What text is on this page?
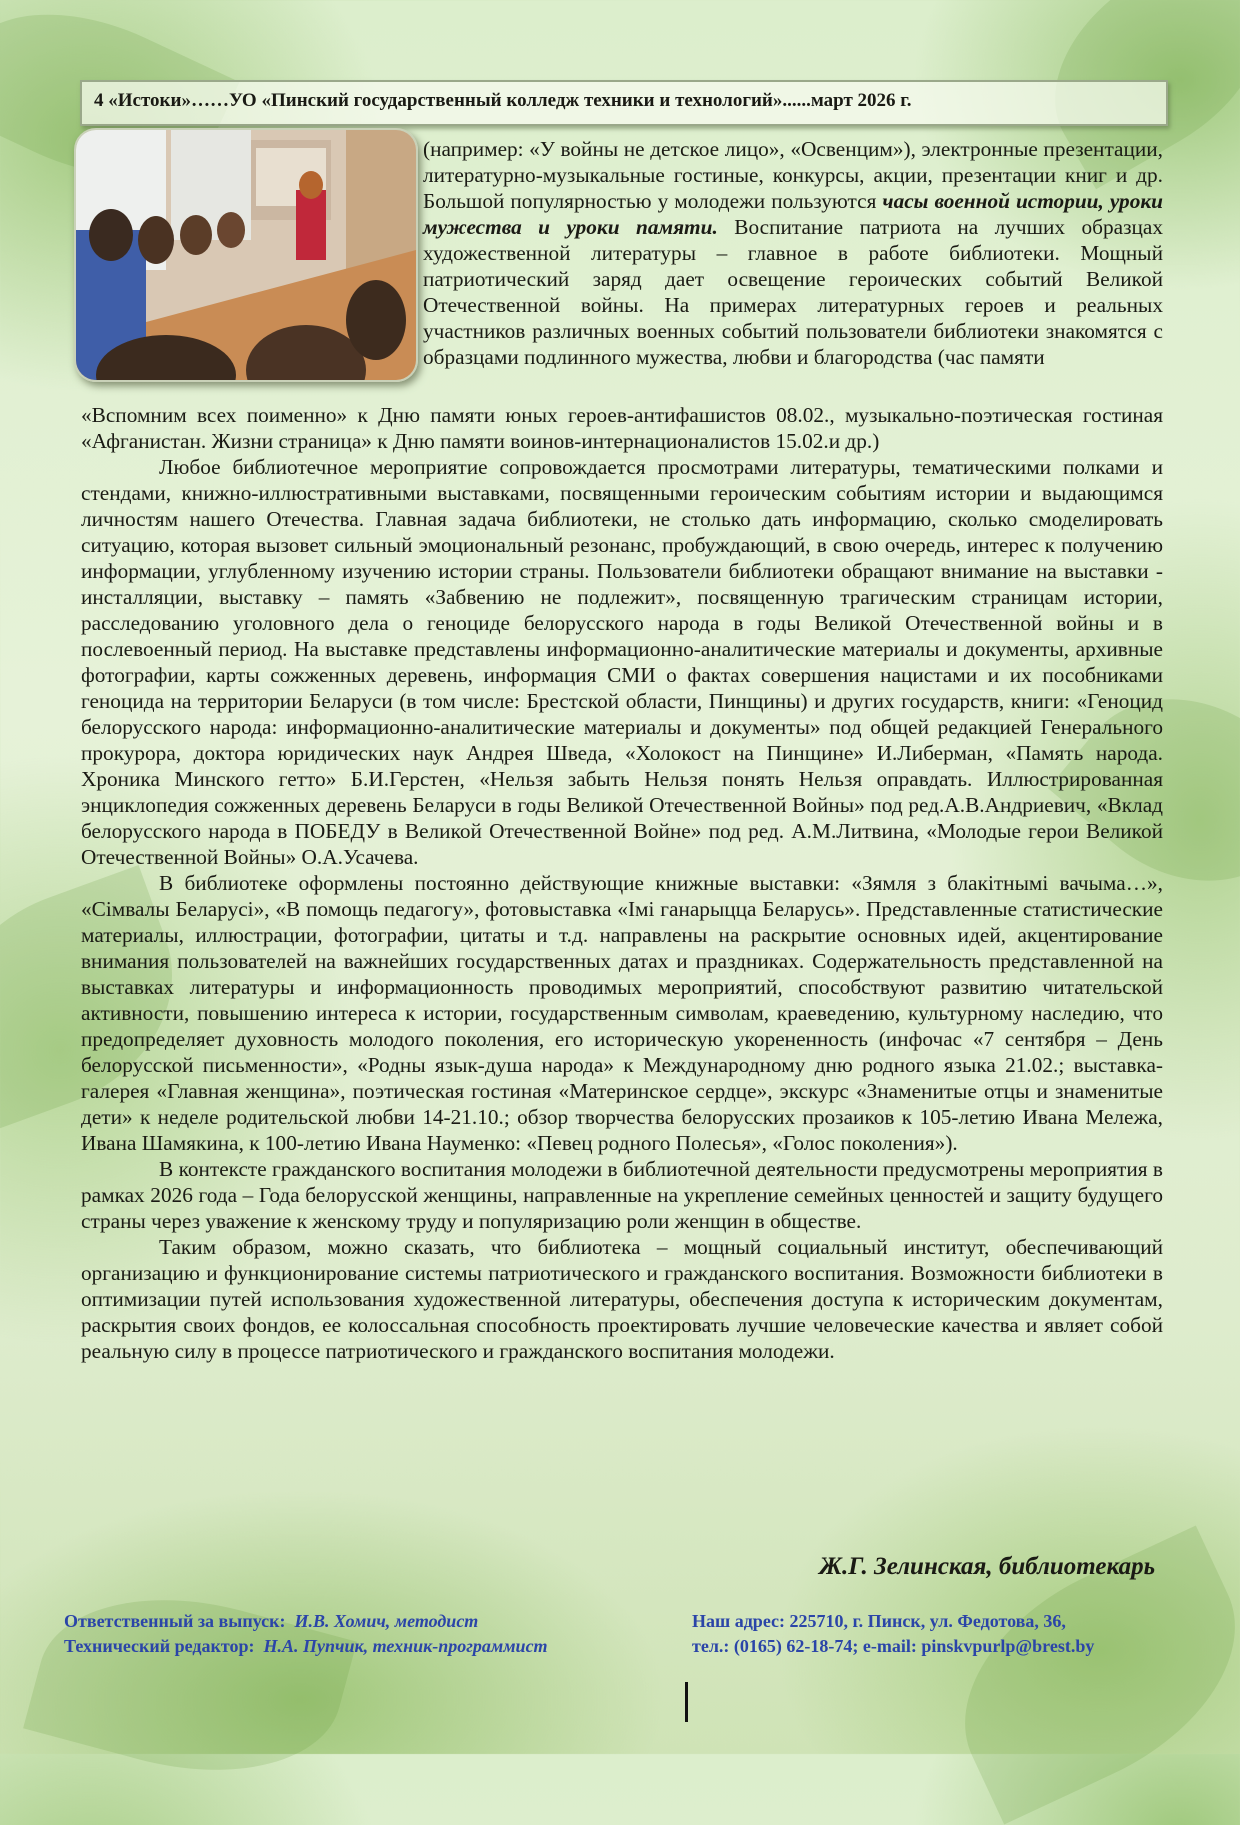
4 «Истоки»……УО «Пинский государственный колледж техники и технологий»......март 2026 г.

(например: «У войны не детское лицо», «Освенцим»), электронные презентации, литературно-музыкальные гостиные, конкурсы, акции, презентации книг и др. Большой популярностью у молодежи пользуются часы военной истории, уроки мужества и уроки памяти. Воспитание патриота на лучших образцах художественной литературы – главное в работе библиотеки. Мощный патриотический заряд дает освещение героических событий Великой Отечественной войны. На примерах литературных героев и реальных участников различных военных событий пользователи библиотеки знакомятся с образцами подлинного мужества, любви и благородства (час памяти

«Вспомним всех поименно» к Дню памяти юных героев-антифашистов 08.02., музыкально-поэтическая гостиная «Афганистан. Жизни страница» к Дню памяти воинов-интернационалистов 15.02.и др.)

Любое библиотечное мероприятие сопровождается просмотрами литературы, тематическими полками и стендами, книжно-иллюстративными выставками, посвященными героическим событиям истории и выдающимся личностям нашего Отечества. Главная задача библиотеки, не столько дать информацию, сколько смоделировать ситуацию, которая вызовет сильный эмоциональный резонанс, пробуждающий, в свою очередь, интерес к получению информации, углубленному изучению истории страны. Пользователи библиотеки обращают внимание на выставки - инсталляции, выставку – память «Забвению не подлежит», посвященную трагическим страницам истории, расследованию уголовного дела о геноциде белорусского народа в годы Великой Отечественной войны и в послевоенный период. На выставке представлены информационно-аналитические материалы и документы, архивные фотографии, карты сожженных деревень, информация СМИ о фактах совершения нацистами и их пособниками геноцида на территории Беларуси (в том числе: Брестской области, Пинщины) и других государств, книги: «Геноцид белорусского народа: информационно-аналитические материалы и документы» под общей редакцией Генерального прокурора, доктора юридических наук Андрея Шведа, «Холокост на Пинщине» И.Либерман, «Память народа. Хроника Минского гетто» Б.И.Герстен, «Нельзя забыть Нельзя понять Нельзя оправдать. Иллюстрированная энциклопедия сожженных деревень Беларуси в годы Великой Отечественной Войны» под ред.А.В.Андриевич, «Вклад белорусского народа в ПОБЕДУ в Великой Отечественной Войне» под ред. А.М.Литвина, «Молодые герои Великой Отечественной Войны» О.А.Усачева.

В библиотеке оформлены постоянно действующие книжные выставки: «Зямля з блакітнымі вачыма…», «Сімвалы Беларусі», «В помощь педагогу», фотовыставка «Імі ганарыцца Беларусь». Представленные статистические материалы, иллюстрации, фотографии, цитаты и т.д. направлены на раскрытие основных идей, акцентирование внимания пользователей на важнейших государственных датах и праздниках. Содержательность представленной на выставках литературы и информационность проводимых мероприятий, способствуют развитию читательской активности, повышению интереса к истории, государственным символам, краеведению, культурному наследию, что предопределяет духовность молодого поколения, его историческую укорененность (инфочас «7 сентября – День белорусской письменности», «Родны язык-душа народа» к Международному дню родного языка 21.02.; выставка-галерея «Главная женщина», поэтическая гостиная «Материнское сердце», экскурс «Знаменитые отцы и знаменитые дети» к неделе родительской любви 14-21.10.; обзор творчества белорусских прозаиков к 105-летию Ивана Мележа, Ивана Шамякина, к 100-летию Ивана Науменко: «Певец родного Полесья», «Голос поколения»).

В контексте гражданского воспитания молодежи в библиотечной деятельности предусмотрены мероприятия в рамках 2026 года – Года белорусской женщины, направленные на укрепление семейных ценностей и защиту будущего страны через уважение к женскому труду и популяризацию роли женщин в обществе.

Таким образом, можно сказать, что библиотека – мощный социальный институт, обеспечивающий организацию и функционирование системы патриотического и гражданского воспитания. Возможности библиотеки в оптимизации путей использования художественной литературы, обеспечения доступа к историческим документам, раскрытия своих фондов, ее колоссальная способность проектировать лучшие человеческие качества и являет собой реальную силу в процессе патриотического и гражданского воспитания молодежи.

Ж.Г. Зелинская, библиотекарь
Ответственный за выпуск: И.В. Хомич, методист
Технический редактор: Н.А. Пупчик, техник-программист
Наш адрес: 225710, г. Пинск, ул. Федотова, 36,
тел.: (0165) 62-18-74; e-mail: pinskvpurlp@brest.by
